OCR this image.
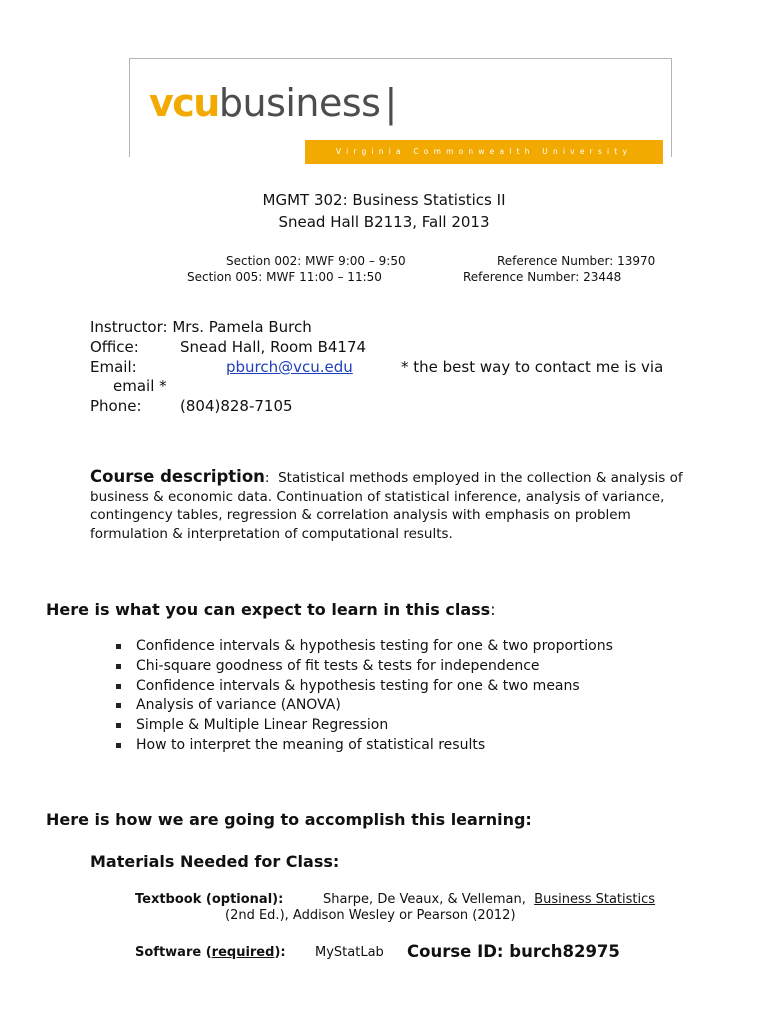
vcubusiness |
Virginia Commonwealth University
MGMT 302: Business Statistics II
Snead Hall B2113, Fall 2013
Section 002: MWF 9:00 – 9:50	Reference Number: 13970
Section 005: MWF 11:00 – 11:50	Reference Number: 23448
Instructor: Mrs. Pamela Burch
Office:	Snead Hall, Room B4174
Email:	pburch@vcu.edu	* the best way to contact me is via
email *
Phone:	(804)828-7105
Course description: Statistical methods employed in the collection & analysis of business & economic data. Continuation of statistical inference, analysis of variance, contingency tables, regression & correlation analysis with emphasis on problem formulation & interpretation of computational results.
Here is what you can expect to learn in this class:
Confidence intervals & hypothesis testing for one & two proportions
Chi-square goodness of fit tests & tests for independence
Confidence intervals & hypothesis testing for one & two means
Analysis of variance (ANOVA)
Simple & Multiple Linear Regression
How to interpret the meaning of statistical results
Here is how we are going to accomplish this learning:
Materials Needed for Class:
Textbook (optional):	Sharpe, De Veaux, & Velleman, Business Statistics
(2nd Ed.), Addison Wesley or Pearson (2012)
Software (required): MyStatLab Course ID: burch82975
